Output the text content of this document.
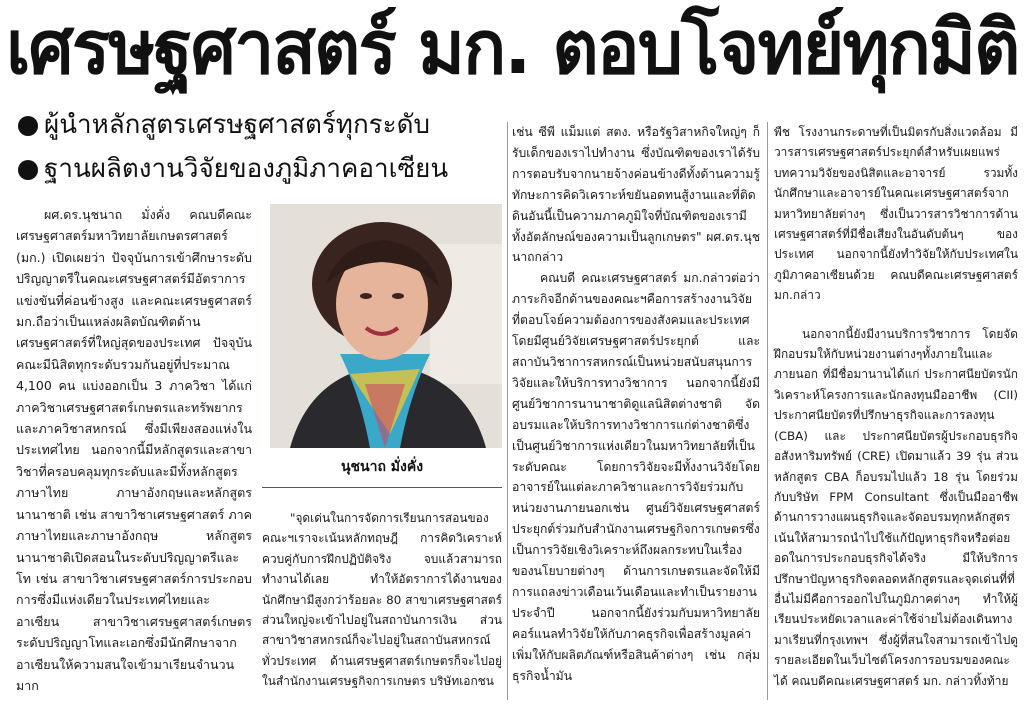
เศรษฐศาสตร์ มก. ตอบโจทย์ทุกมิติ
ผู้นำหลักสูตรเศรษฐศาสตร์ทุกระดับ
ฐานผลิตงานวิจัยของภูมิภาคอาเซียน

ผศ.ดร.นุชนาถ มั่งคั่ง คณบดีคณะเศรษฐศาสตร์มหาวิทยาลัยเกษตรศาสตร์ (มก.) เปิดเผยว่า ปัจจุบันการเข้าศึกษาระดับปริญญาตรีในคณะเศรษฐศาสตร์มีอัตราการแข่งขันที่ค่อนข้างสูง และคณะเศรษฐศาสตร์ มก.ถือว่าเป็นแหล่งผลิตบัณฑิตด้านเศรษฐศาสตร์ที่ใหญ่สุดของประเทศ ปัจจุบันคณะมีนิสิตทุกระดับรวมกันอยู่ที่ประมาณ 4,100 คน แบ่งออกเป็น 3 ภาควิชา ได้แก่ ภาควิชาเศรษฐศาสตร์เกษตรและทรัพยากร และภาควิชาสหกรณ์ ซึ่งมีเพียงสองแห่งในประเทศไทย นอกจากนี้มีหลักสูตรและสาขาวิชาที่ครอบคลุมทุกระดับและมีทั้งหลักสูตรภาษาไทย ภาษาอังกฤษและหลักสูตรนานาชาติ เช่น สาขาวิชาเศรษฐศาสตร์ ภาคภาษาไทยและภาษาอังกฤษ หลักสูตรนานาชาติเปิดสอนในระดับปริญญาตรีและโท เช่น สาขาวิชาเศรษฐศาสตร์การประกอบการซึ่งมีแห่งเดียวในประเทศไทยและอาเซียน สาขาวิชาเศรษฐศาสตร์เกษตร ระดับปริญญาโทและเอกซึ่งมีนักศึกษาจากอาเซียนให้ความสนใจเข้ามาเรียนจำนวนมาก

นุชนาถ มั่งคั่ง

"จุดเด่นในการจัดการเรียนการสอนของคณะฯเราจะเน้นหลักทฤษฎี การคิดวิเคราะห์ควบคู่กับการฝึกปฏิบัติจริง จบแล้วสามารถทำงานได้เลย ทำให้อัตราการได้งานของนักศึกษามีสูงกว่าร้อยละ 80 สาขาเศรษฐศาสตร์ส่วนใหญ่จะเข้าไปอยู่ในสถาบันการเงิน ส่วนสาขาวิชาสหกรณ์ก็จะไปอยู่ในสถาบันสหกรณ์ทั่วประเทศ ด้านเศรษฐศาสตร์เกษตรก็จะไปอยู่ในสำนักงานเศรษฐกิจการเกษตร บริษัทเอกชน

เช่น ซีพี แม็มแต่ สตง. หรือรัฐวิสาหกิจใหญ่ๆ ก็รับเด็กของเราไปทำงาน ซึ่งบัณฑิตของเราได้รับการตอบรับจากนายจ้างค่อนข้างดีทั้งด้านความรู้ทักษะการคิดวิเคราะห์ขยันอดทนสู้งานและที่ติดดินอันนี้เป็นความภาคภูมิใจที่บัณฑิตของเรามีทั้งอัตลักษณ์ของความเป็นลูกเกษตร" ผศ.ดร.นุชนาถกล่าว

คณบดี คณะเศรษฐศาสตร์ มก.กล่าวต่อว่า ภาระกิจอีกด้านของคณะฯคือการสร้างงานวิจัยที่ตอบโจย์ความต้องการของสังคมและประเทศ โดยมีศูนย์วิจัยเศรษฐศาสตร์ประยุกต์ และสถาบันวิชาการสหกรณ์เป็นหน่วยสนับสนุนการวิจัยและให้บริการทางวิชาการ นอกจากนี้ยังมีศูนย์วิชาการนานาชาติดูแลนิสิตต่างชาติ จัดอบรมและให้บริการทางวิชาการแก่ต่างชาติซึ่งเป็นศูนย์วิชาการแห่งเดียวในมหาวิทยาลัยที่เป็นระดับคณะ โดยการวิจัยจะมีทั้งงานวิจัยโดยอาจารย์ในแต่ละภาควิชาและการวิจัยร่วมกับหน่วยงานภายนอกเช่น ศูนย์วิจัยเศรษฐศาสตร์ประยุกต์ร่วมกับสำนักงานเศรษฐกิจการเกษตรซึ่งเป็นการวิจัยเชิงวิเคราะห์ถึงผลกระทบในเรื่องของนโยบายต่างๆ ด้านการเกษตรและจัดให้มีการแถลงข่าวเดือนเว้นเดือนและทำเป็นรายงานประจำปี นอกจากนี้ยังร่วมกับมหาวิทยาลัยคอร์แนลทำวิจัยให้กับภาคธุรกิจเพื่อสร้างมูลค่าเพิ่มให้กับผลิตภัณฑ์หรือสินค้าต่างๆ เช่น กลุ่มธุรกิจน้ำมัน

พืช โรงงานกระดาษที่เป็นมิตรกับสิ่งแวดล้อม มีวารสารเศรษฐศาสตร์ประยุกต์สำหรับเผยแพร่บทความวิจัยของนิสิตและอาจารย์ รวมทั้งนักศึกษาและอาจารย์ในคณะเศรษฐศาสตร์จากมหาวิทยาลัยต่างๆ ซึ่งเป็นวารสารวิชาการด้านเศรษฐศาสตร์ที่มีชื่อเสียงในอันดับต้นๆ ของประเทศ นอกจากนี้ยังทำวิจัยให้กับประเทศในภูมิภาคอาเซียนด้วย คณบดีคณะเศรษฐศาสตร์ มก.กล่าว

นอกจากนี้ยังมีงานบริการวิชาการ โดยจัดฝึกอบรมให้กับหน่วยงานต่างๆทั้งภายในและภายนอก ที่มีชื่อมานานได้แก่ ประกาศนียบัตรนักวิเคราะห์โครงการและนักลงทุนมืออาชีพ (CII) ประกาศนียบัตรที่ปรึกษาธุรกิจและการลงทุน (CBA) และ ประกาศนียบัตรผู้ประกอบธุรกิจอสังหาริมทรัพย์ (CRE) เปิดมาแล้ว 39 รุ่น ส่วนหลักสูตร CBA ก็อบรมไปแล้ว 18 รุ่น โดยร่วมกับบริษัท FPM Consultant ซึ่งเป็นมืออาชีพด้านการวางแผนธุรกิจและจัดอบรมทุกหลักสูตรเน้นให้สามารถนำไปใช้แก้ปัญหาธุรกิจหรือต่อยอดในการประกอบธุรกิจได้จริง มีให้บริการปรึกษาปัญหาธุรกิจตลอดหลักสูตรและจุดเด่นที่ที่อื่นไม่มีคือการออกไปในภูมิภาคต่างๆ ทำให้ผู้เรียนประหยัดเวลาและค่าใช้จ่ายไม่ต้องเดินทางมาเรียนที่กรุงเทพฯ ซึ่งผู้ที่สนใจสามารถเข้าไปดูรายละเอียดในเว็บไซต์โครงการอบรมของคณะได้ คณบดีคณะเศรษฐศาสตร์ มก. กล่าวทิ้งท้าย
